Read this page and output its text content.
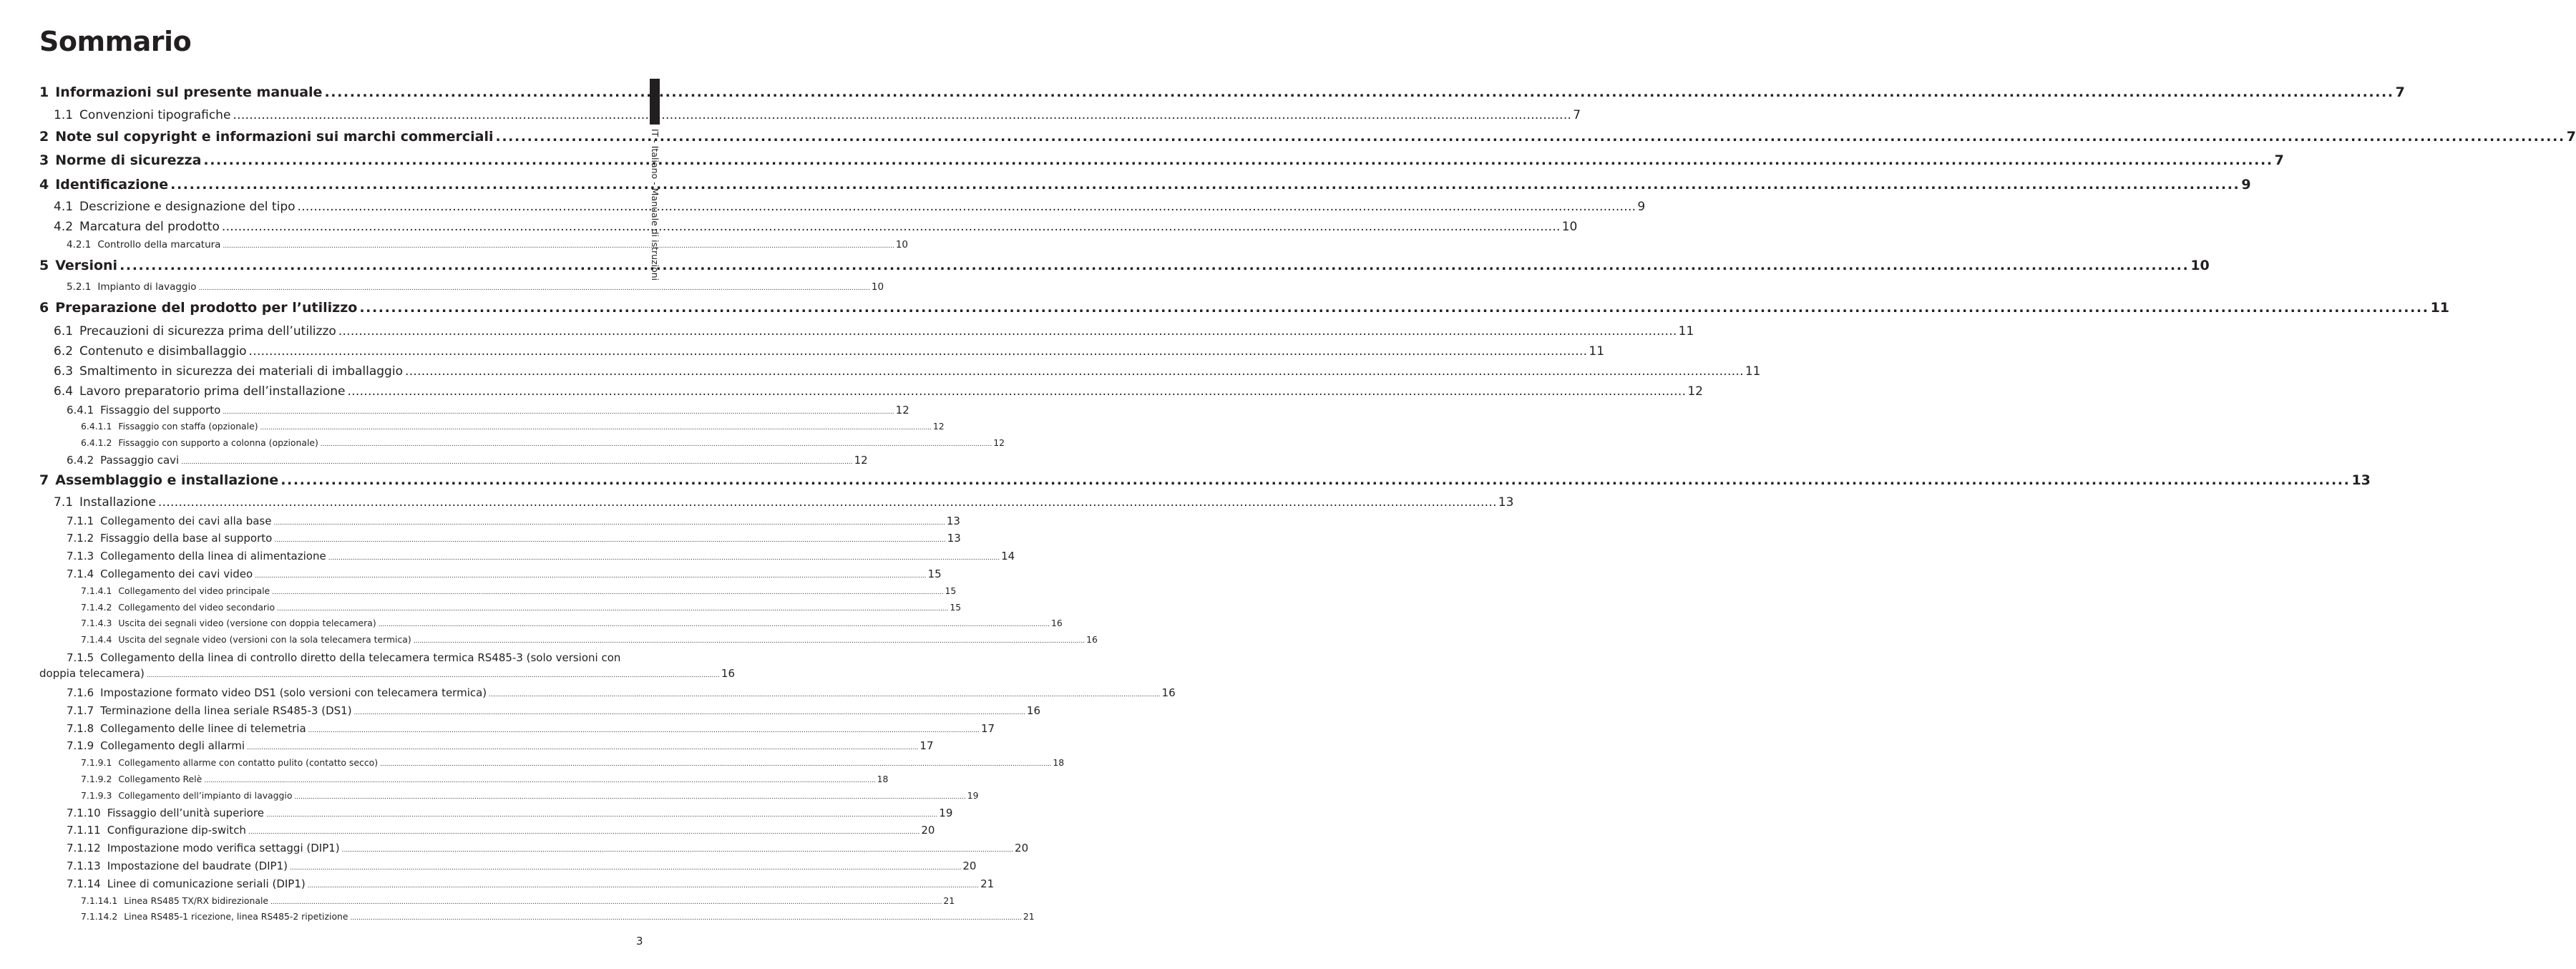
Sommario
IT - Italiano - Manuale di istruzioni
1 Informazioni sul presente manuale .....	7
1.1 Convenzioni tipografiche .....	7
2 Note sul copyright e informazioni sui marchi commerciali .....	7
3 Norme di sicurezza .....	7
4 Identificazione .....	9
4.1 Descrizione e designazione del tipo .....	9
4.2 Marcatura del prodotto .....	10
4.2.1 Controllo della marcatura .....	10
5 Versioni .....	10
5.2.1 Impianto di lavaggio .....	10
6 Preparazione del prodotto per l’utilizzo .....	11
6.1 Precauzioni di sicurezza prima dell’utilizzo .....	11
6.2 Contenuto e disimballaggio .....	11
6.3 Smaltimento in sicurezza dei materiali di imballaggio .....	11
6.4 Lavoro preparatorio prima dell’installazione .....	12
6.4.1 Fissaggio del supporto .....	12
6.4.1.1 Fissaggio con staffa (opzionale) .....	12
6.4.1.2 Fissaggio con supporto a colonna (opzionale) .....	12
6.4.2 Passaggio cavi .....	12
7 Assemblaggio e installazione .....	13
7.1 Installazione .....	13
7.1.1 Collegamento dei cavi alla base .....	13
7.1.2 Fissaggio della base al supporto .....	13
7.1.3 Collegamento della linea di alimentazione .....	14
7.1.4 Collegamento dei cavi video .....	15
7.1.4.1 Collegamento del video principale .....	15
7.1.4.2 Collegamento del video secondario .....	15
7.1.4.3 Uscita dei segnali video (versione con doppia telecamera) .....	16
7.1.4.4 Uscita del segnale video (versioni con la sola telecamera termica) .....	16
7.1.5 Collegamento della linea di controllo diretto della telecamera termica RS485-3 (solo versioni con
doppia telecamera) .....	16
7.1.6 Impostazione formato video DS1 (solo versioni con telecamera termica) .....	16
7.1.7 Terminazione della linea seriale RS485-3 (DS1) .....	16
7.1.8 Collegamento delle linee di telemetria .....	17
7.1.9 Collegamento degli allarmi .....	17
7.1.9.1 Collegamento allarme con contatto pulito (contatto secco) .....	18
7.1.9.2 Collegamento Relè .....	18
7.1.9.3 Collegamento dell’impianto di lavaggio .....	19
7.1.10 Fissaggio dell’unità superiore .....	19
7.1.11 Configurazione dip-switch .....	20
7.1.12 Impostazione modo verifica settaggi (DIP1) .....	20
7.1.13 Impostazione del baudrate (DIP1) .....	20
7.1.14 Linee di comunicazione seriali (DIP1) .....	21
7.1.14.1 Linea RS485 TX/RX bidirezionale .....	21
7.1.14.2 Linea RS485-1 ricezione, linea RS485-2 ripetizione .....	21
3
